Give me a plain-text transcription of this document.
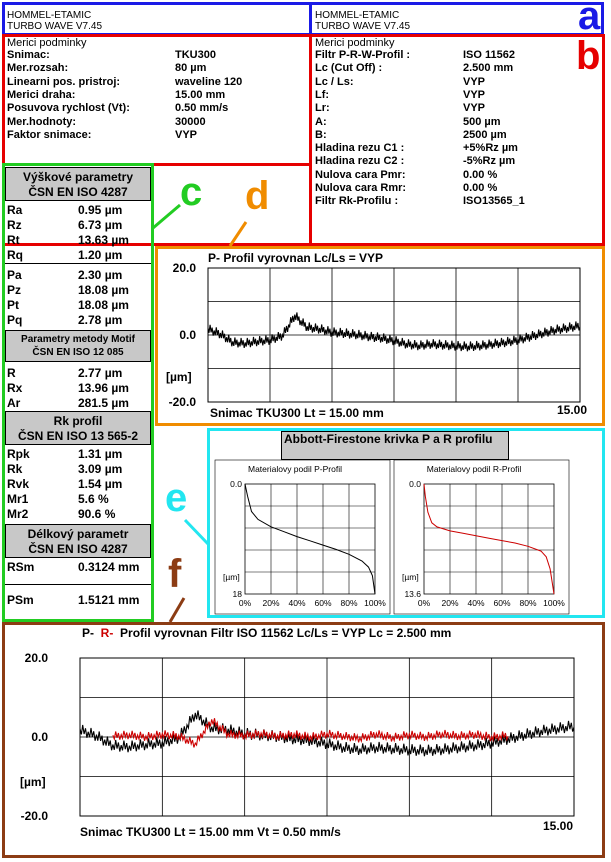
a
b
c d
e
f
HOMMEL-ETAMIC
TURBO WAVE V7.45
HOMMEL-ETAMIC
TURBO WAVE V7.45
Merici podminky
Snimac:	TKU300
Mer.rozsah:	80 µm
Linearni pos. pristroj:	waveline 120
Merici draha:	15.00 mm
Posuvova rychlost (Vt):	0.50 mm/s
Mer.hodnoty:	30000
Faktor snimace:	VYP
Merici podminky
Filtr P-R-W-Profil :	ISO 11562
Lc (Cut Off) :	2.500 mm
Lc / Ls:	VYP
Lf:	VYP
Lr:	VYP
A:	500 µm
B:	2500 µm
Hladina rezu C1 :	+5%Rz µm
Hladina rezu C2 :	-5%Rz µm
Nulova cara Pmr:	0.00 %
Nulova cara Rmr:	0.00 %
Filtr Rk-Profilu :	ISO13565_1
Výškové parametry
ČSN EN ISO 4287
Ra	0.95 µm
Rz	6.73 µm
Rt	13.63 µm
Rq	1.20 µm
Pa	2.30 µm
Pz	18.08 µm
Pt	18.08 µm
Pq	2.78 µm
Parametry metody Motif
ČSN EN ISO 12 085
R	2.77 µm
Rx	13.96 µm
Ar	281.5 µm
Rk profil
ČSN EN ISO 13 565-2
Rpk	1.31 µm
Rk	3.09 µm
Rvk	1.54 µm
Mr1	5.6 %
Mr2	90.6 %
Délkový parametr
ČSN EN ISO 4287
RSm	0.3124 mm
PSm	1.5121 mm
P- Profil vyrovnan Lc/Ls = VYP
20.0
0.0
-20.0
[µm]
Snimac TKU300 Lt = 15.00 mm	15.00
Abbott-Firestone krivka P a R profilu
Materialovy podil P-Profil
0.0
18
[µm]
0% 20% 40% 60% 80% 100%
Materialovy podil R-Profil
0.0
13.6
[µm]
0% 20% 40% 60% 80% 100%
P- R- Profil vyrovnan Filtr ISO 11562 Lc/Ls = VYP Lc = 2.500 mm
20.0
0.0
-20.0
[µm]
Snimac TKU300 Lt = 15.00 mm Vt = 0.50 mm/s	15.00
